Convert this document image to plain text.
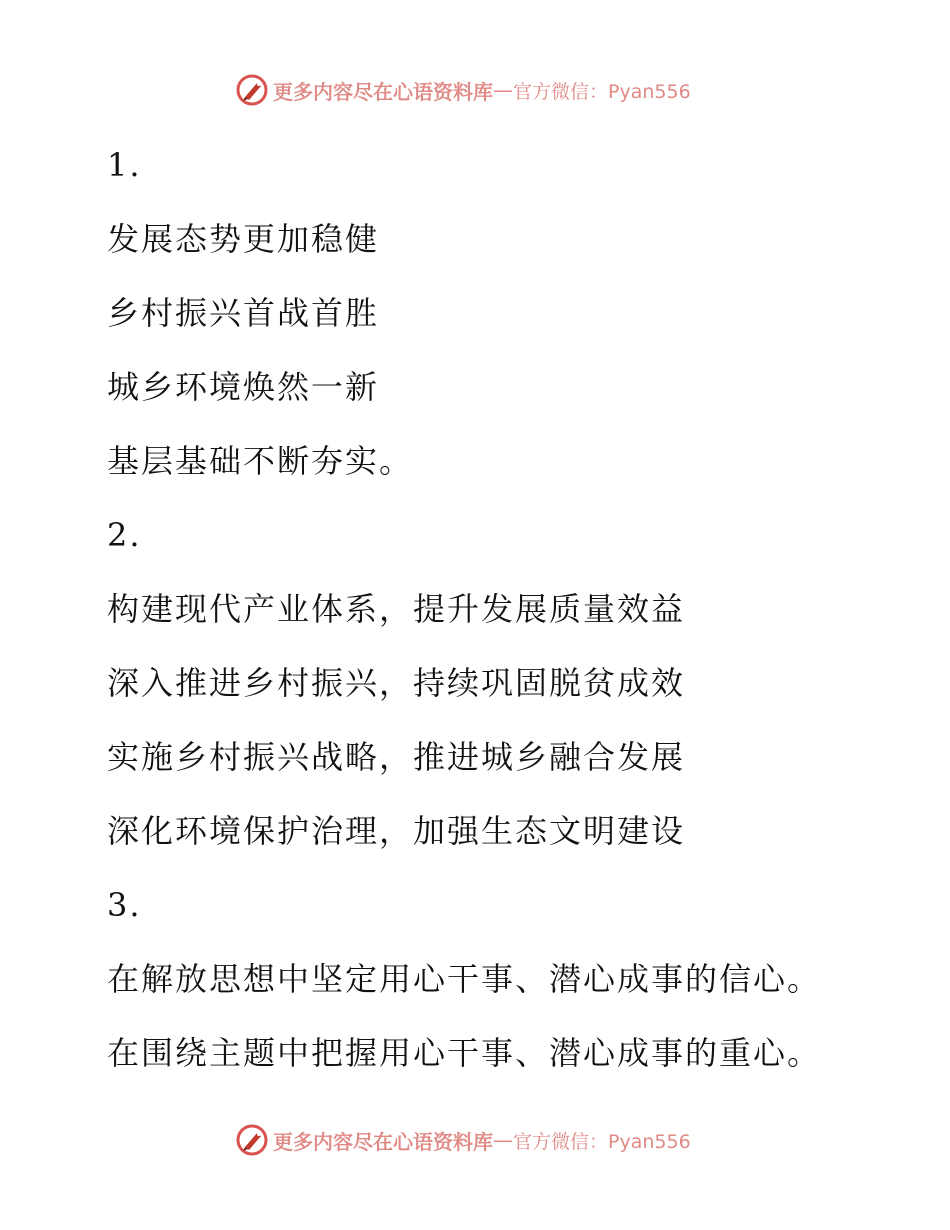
更多内容尽在心语资料库 — 官方微信：Pyan556
1.
发展态势更加稳健
乡村振兴首战首胜
城乡环境焕然一新
基层基础不断夯实。
2.
构建现代产业体系，提升发展质量效益
深入推进乡村振兴，持续巩固脱贫成效
实施乡村振兴战略，推进城乡融合发展
深化环境保护治理，加强生态文明建设
3.
在解放思想中坚定用心干事、潜心成事的信心。
在围绕主题中把握用心干事、潜心成事的重心。
更多内容尽在心语资料库 — 官方微信：Pyan556
